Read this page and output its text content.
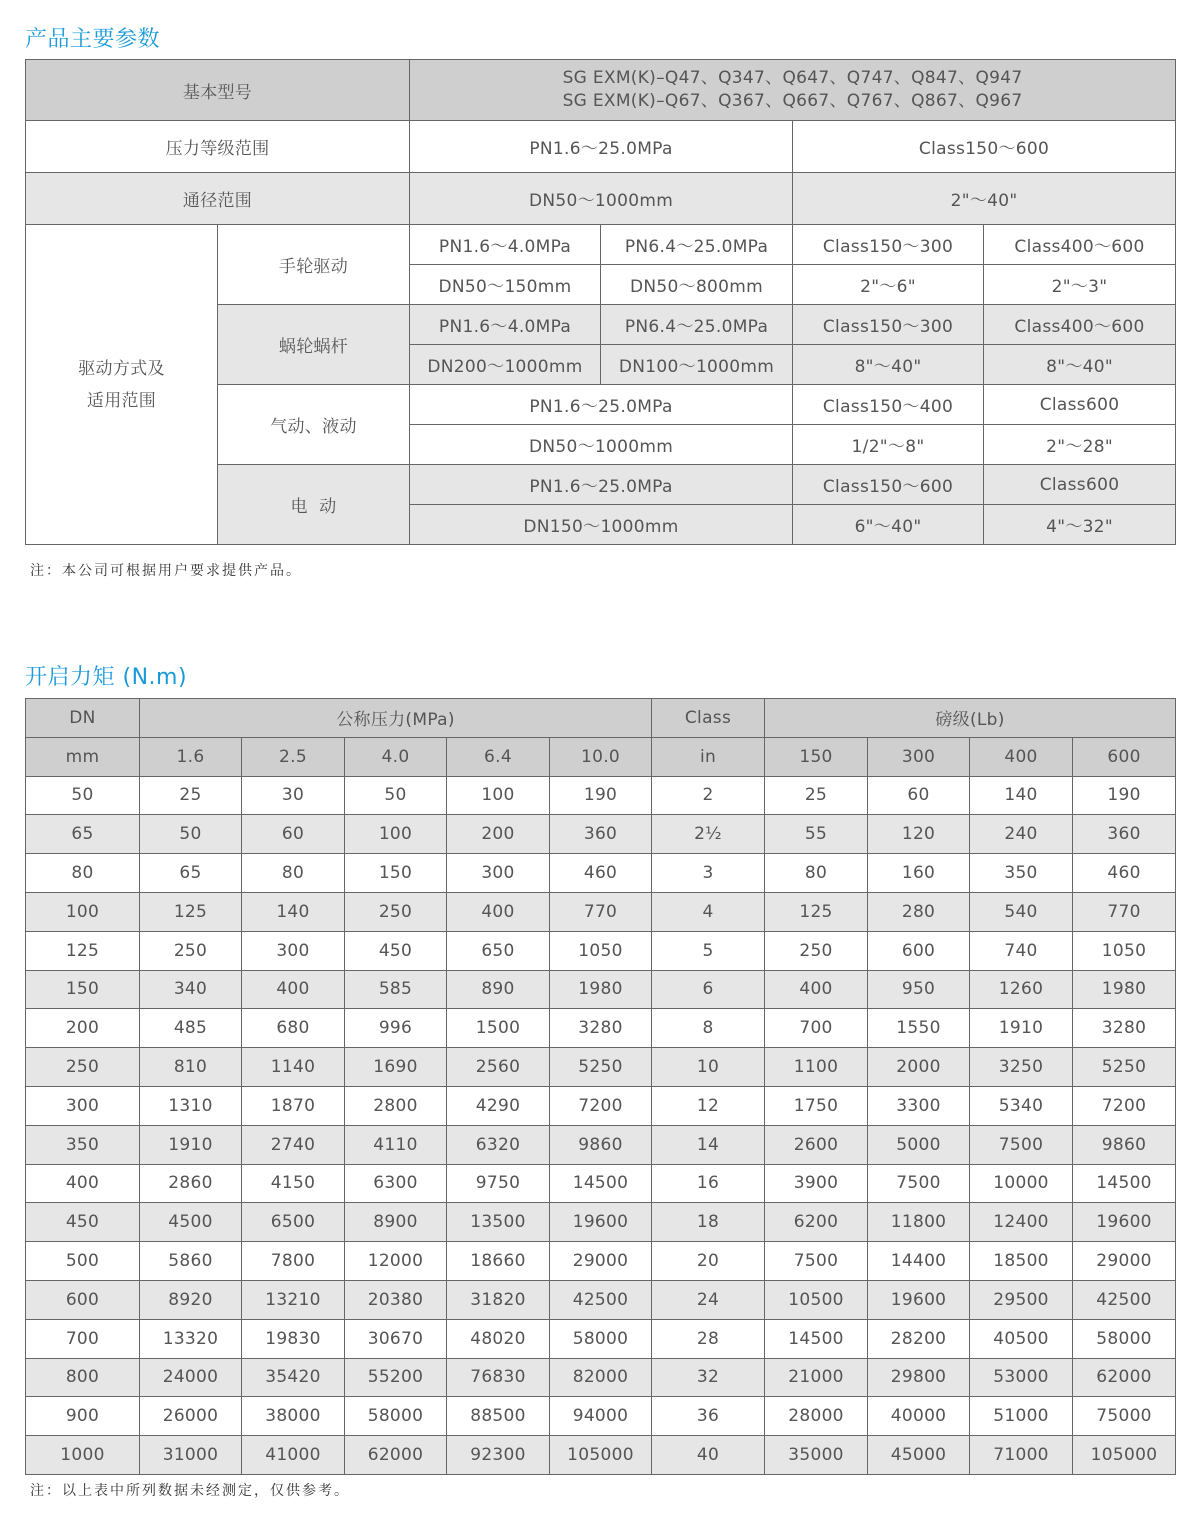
产品主要参数
基本型号		SG EXM(K)–Q47、Q347、Q647、Q747、Q847、Q947
SG EXM(K)–Q67、Q367、Q667、Q767、Q867、Q967			

压力等级范围		PN1.6～25.0MPa		Class150～600	
通径范围		DN50～1000mm		2"～40"	

驱动方式及
适用范围	手轮驱动	PN1.6～4.0MPa	PN6.4～25.0MPa	Class150～300	Class400～600
		DN50～150mm	DN50～800mm	2"～6"	2"～3"
	蜗轮蜗杆	PN1.6～4.0MPa	PN6.4～25.0MPa	Class150～300	Class400～600
		DN200～1000mm	DN100～1000mm	8"～40"	8"～40"
	气动、液动	PN1.6～25.0MPa		Class150～400	Class600
		DN50～1000mm		1/2"～8"	2"～28"
	电  动	PN1.6～25.0MPa		Class150～600	Class600
		DN150～1000mm		6"～40"	4"～32"
注：本公司可根据用户要求提供产品。
开启力矩 (N.m)
DN	公称压力(MPa)					Class	磅级(Lb)			
mm	1.6	2.5	4.0	6.4	10.0	in	150	300	400	600
50	25	30	50	100	190	2	25	60	140	190
65	50	60	100	200	360	2½	55	120	240	360
80	65	80	150	300	460	3	80	160	350	460
100	125	140	250	400	770	4	125	280	540	770
125	250	300	450	650	1050	5	250	600	740	1050
150	340	400	585	890	1980	6	400	950	1260	1980
200	485	680	996	1500	3280	8	700	1550	1910	3280
250	810	1140	1690	2560	5250	10	1100	2000	3250	5250
300	1310	1870	2800	4290	7200	12	1750	3300	5340	7200
350	1910	2740	4110	6320	9860	14	2600	5000	7500	9860
400	2860	4150	6300	9750	14500	16	3900	7500	10000	14500
450	4500	6500	8900	13500	19600	18	6200	11800	12400	19600
500	5860	7800	12000	18660	29000	20	7500	14400	18500	29000
600	8920	13210	20380	31820	42500	24	10500	19600	29500	42500
700	13320	19830	30670	48020	58000	28	14500	28200	40500	58000
800	24000	35420	55200	76830	82000	32	21000	29800	53000	62000
900	26000	38000	58000	88500	94000	36	28000	40000	51000	75000
1000	31000	41000	62000	92300	105000	40	35000	45000	71000	105000
注：以上表中所列数据未经测定，仅供参考。
